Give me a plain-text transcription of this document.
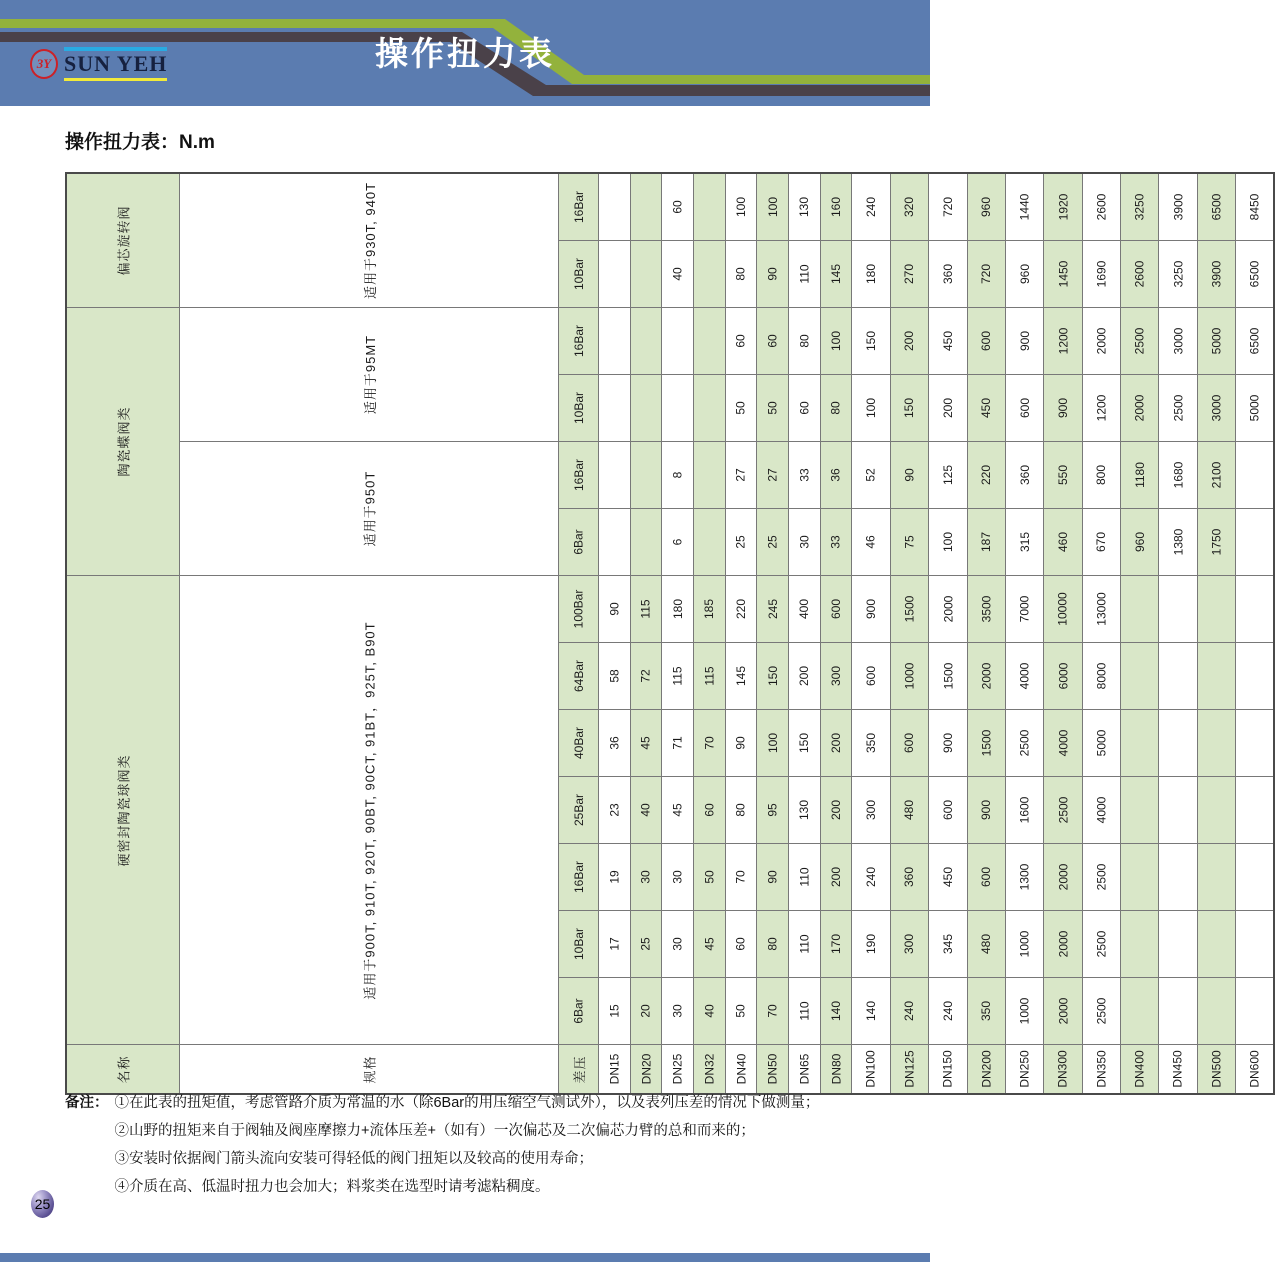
操作扭力表
3Y SUN YEH
操作扭力表：N.m
偏芯旋转阀	适用于930T, 940T	16Bar			60		100	100	130	160	240	320	720	960	1440	1920	2600	3250	3900	6500	8450

		10Bar			40		80	90	110	145	180	270	360	720	960	1450	1690	2600	3250	3900	6500

陶瓷蝶阀类	适用于95MT	16Bar					60	60	80	100	150	200	450	600	900	1200	2000	2500	3000	5000	6500

		10Bar					50	50	60	80	100	150	200	450	600	900	1200	2000	2500	3000	5000

	适用于950T	16Bar			8		27	27	33	36	52	90	125	220	360	550	800	1180	1680	2100	

		6Bar			6		25	25	30	33	46	75	100	187	315	460	670	960	1380	1750	

硬密封陶瓷球阀类	适用于900T, 910T, 920T, 90BT, 90CT, 91BT，925T, B90T	100Bar	90	115	180	185	220	245	400	600	900	1500	2000	3500	7000	10000	13000				

		64Bar	58	72	115	115	145	150	200	300	600	1000	1500	2000	4000	6000	8000				

		40Bar	36	45	71	70	90	100	150	200	350	600	900	1500	2500	4000	5000				

		25Bar	23	40	45	60	80	95	130	200	300	480	600	900	1600	2500	4000				

		16Bar	19	30	30	50	70	90	110	200	240	360	450	600	1300	2000	2500				

		10Bar	17	25	30	45	60	80	110	170	190	300	345	480	1000	2000	2500				

		6Bar	15	20	30	40	50	70	110	140	140	240	240	350	1000	2000	2500				

名称	规格	差压	DN15	DN20	DN25	DN32	DN40	DN50	DN65	DN80	DN100	DN125	DN150	DN200	DN250	DN300	DN350	DN400	DN450	DN500	DN600
备注： ①在此表的扭矩值，考虑管路介质为常温的水（除6Bar的用压缩空气测试外），以及表列压差的情况下做测量；
②山野的扭矩来自于阀轴及阀座摩擦力+流体压差+（如有）一次偏芯及二次偏芯力臂的总和而来的；
③安装时依据阀门箭头流向安装可得轻低的阀门扭矩以及较高的使用寿命；
④介质在高、低温时扭力也会加大；料浆类在选型时请考滤粘稠度。
25
